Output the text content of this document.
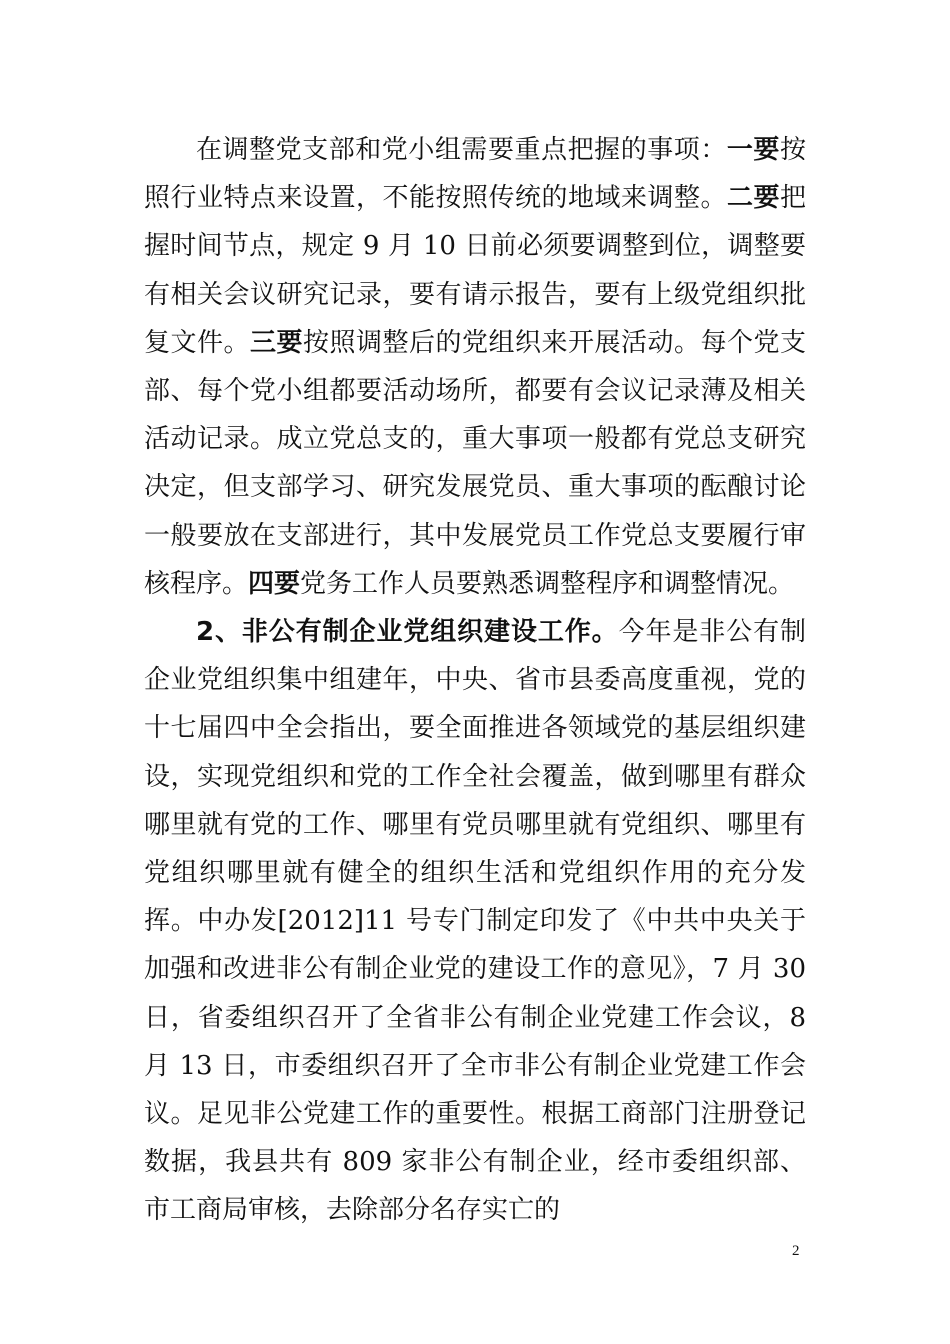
在调整党支部和党小组需要重点把握的事项：一要按照行业特点来设置，不能按照传统的地域来调整。二要把握时间节点，规定 9 月 10 日前必须要调整到位，调整要有相关会议研究记录，要有请示报告，要有上级党组织批复文件。三要按照调整后的党组织来开展活动。每个党支部、每个党小组都要活动场所，都要有会议记录薄及相关活动记录。成立党总支的，重大事项一般都有党总支研究决定，但支部学习、研究发展党员、重大事项的酝酿讨论一般要放在支部进行，其中发展党员工作党总支要履行审核程序。四要党务工作人员要熟悉调整程序和调整情况。

2、非公有制企业党组织建设工作。今年是非公有制企业党组织集中组建年，中央、省市县委高度重视，党的十七届四中全会指出，要全面推进各领域党的基层组织建设，实现党组织和党的工作全社会覆盖，做到哪里有群众哪里就有党的工作、哪里有党员哪里就有党组织、哪里有党组织哪里就有健全的组织生活和党组织作用的充分发挥。中办发[2012]11 号专门制定印发了《中共中央关于加强和改进非公有制企业党的建设工作的意见》，7 月 30 日，省委组织召开了全省非公有制企业党建工作会议，8 月 13 日，市委组织召开了全市非公有制企业党建工作会议。足见非公党建工作的重要性。根据工商部门注册登记数据，我县共有 809 家非公有制企业，经市委组织部、市工商局审核，去除部分名存实亡的

2
